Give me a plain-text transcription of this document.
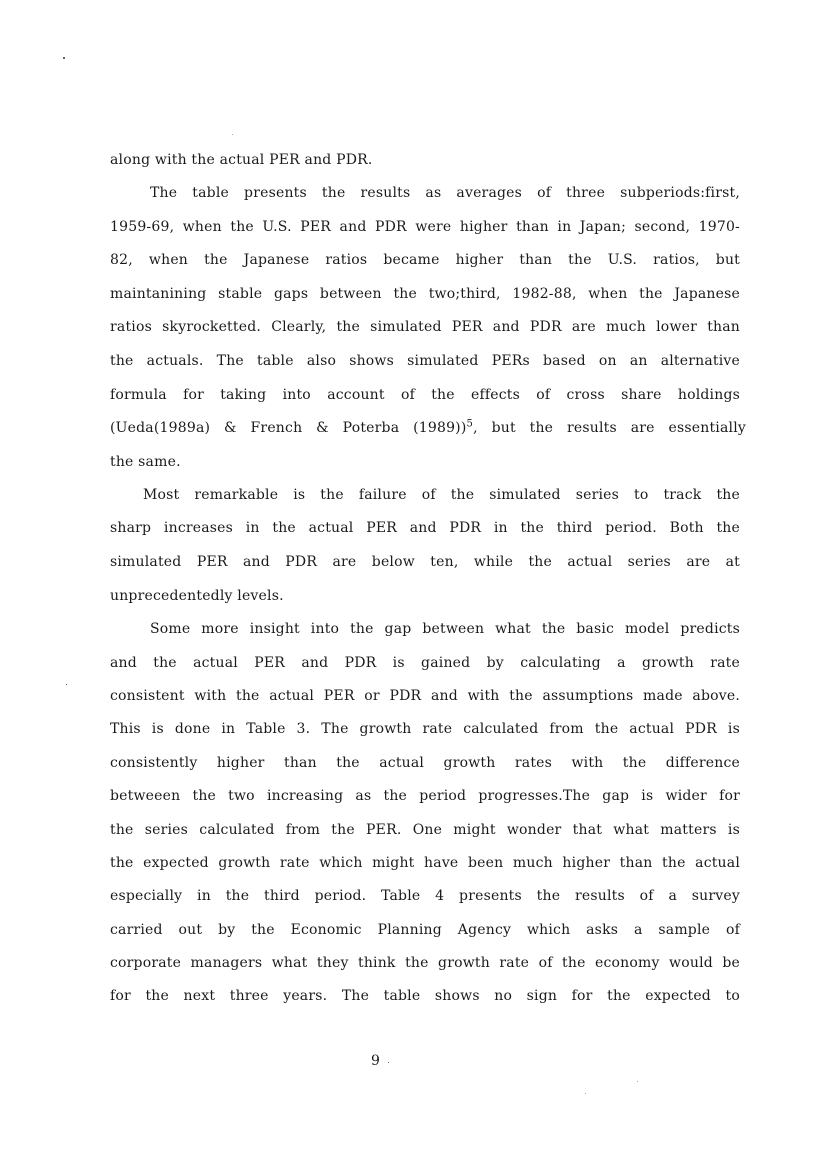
along with the actual PER and PDR.
The table presents the results as averages of three subperiods:first,
1959-69, when the U.S. PER and PDR were higher than in Japan; second, 1970-
82, when the Japanese ratios became higher than the U.S. ratios, but
maintanining stable gaps between the two;third, 1982-88, when the Japanese
ratios skyrocketted. Clearly, the simulated PER and PDR are much lower than
the actuals. The table also shows simulated PERs based on an alternative
formula for taking into account of the effects of cross share holdings
(Ueda(1989a) & French & Poterba (1989))$^5$, but the results are essentially
the same.
Most remarkable is the failure of the simulated series to track the
sharp increases in the actual PER and PDR in the third period. Both the
simulated PER and PDR are below ten, while the actual series are at
unprecedentedly levels.
Some more insight into the gap between what the basic model predicts
and the actual PER and PDR is gained by calculating a growth rate
consistent with the actual PER or PDR and with the assumptions made above.
This is done in Table 3. The growth rate calculated from the actual PDR is
consistently higher than the actual growth rates with the difference
betweeen the two increasing as the period progresses.The gap is wider for
the series calculated from the PER. One might wonder that what matters is
the expected growth rate which might have been much higher than the actual
especially in the third period. Table 4 presents the results of a survey
carried out by the Economic Planning Agency which asks a sample of
corporate managers what they think the growth rate of the economy would be
for the next three years. The table shows no sign for the expected to
9
